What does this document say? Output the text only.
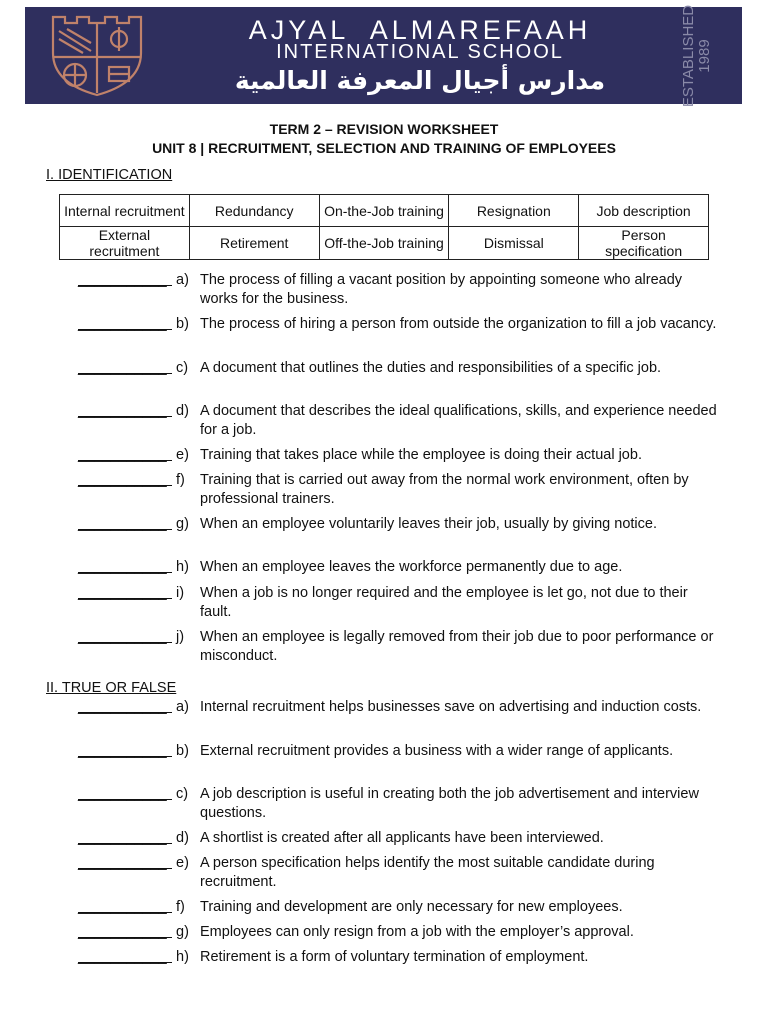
AJYAL  ALMAREFAAH
INTERNATIONAL SCHOOL
مدارس أجيال المعرفة العالمية	ESTABLISHED 1989
TERM 2 – REVISION WORKSHEET
UNIT 8 | RECRUITMENT, SELECTION AND TRAINING OF EMPLOYEES
I. IDENTIFICATION
Internal recruitment	Redundancy	On-the-Job training	Resignation	Job description
External recruitment	Retirement	Off-the-Job training	Dismissal	Person specification
___________ a) The process of filling a vacant position by appointing someone who already works for the business.
___________ b) The process of hiring a person from outside the organization to fill a job vacancy.
___________ c) A document that outlines the duties and responsibilities of a specific job.
___________ d) A document that describes the ideal qualifications, skills, and experience needed for a job.
___________ e) Training that takes place while the employee is doing their actual job.
___________ f) Training that is carried out away from the normal work environment, often by professional trainers.
___________ g) When an employee voluntarily leaves their job, usually by giving notice.
___________ h) When an employee leaves the workforce permanently due to age.
___________ i) When a job is no longer required and the employee is let go, not due to their fault.
___________ j) When an employee is legally removed from their job due to poor performance or misconduct.
II. TRUE OR FALSE
___________ a) Internal recruitment helps businesses save on advertising and induction costs.
___________ b) External recruitment provides a business with a wider range of applicants.
___________ c) A job description is useful in creating both the job advertisement and interview questions.
___________ d) A shortlist is created after all applicants have been interviewed.
___________ e) A person specification helps identify the most suitable candidate during recruitment.
___________ f) Training and development are only necessary for new employees.
___________ g) Employees can only resign from a job with the employer’s approval.
___________ h) Retirement is a form of voluntary termination of employment.
